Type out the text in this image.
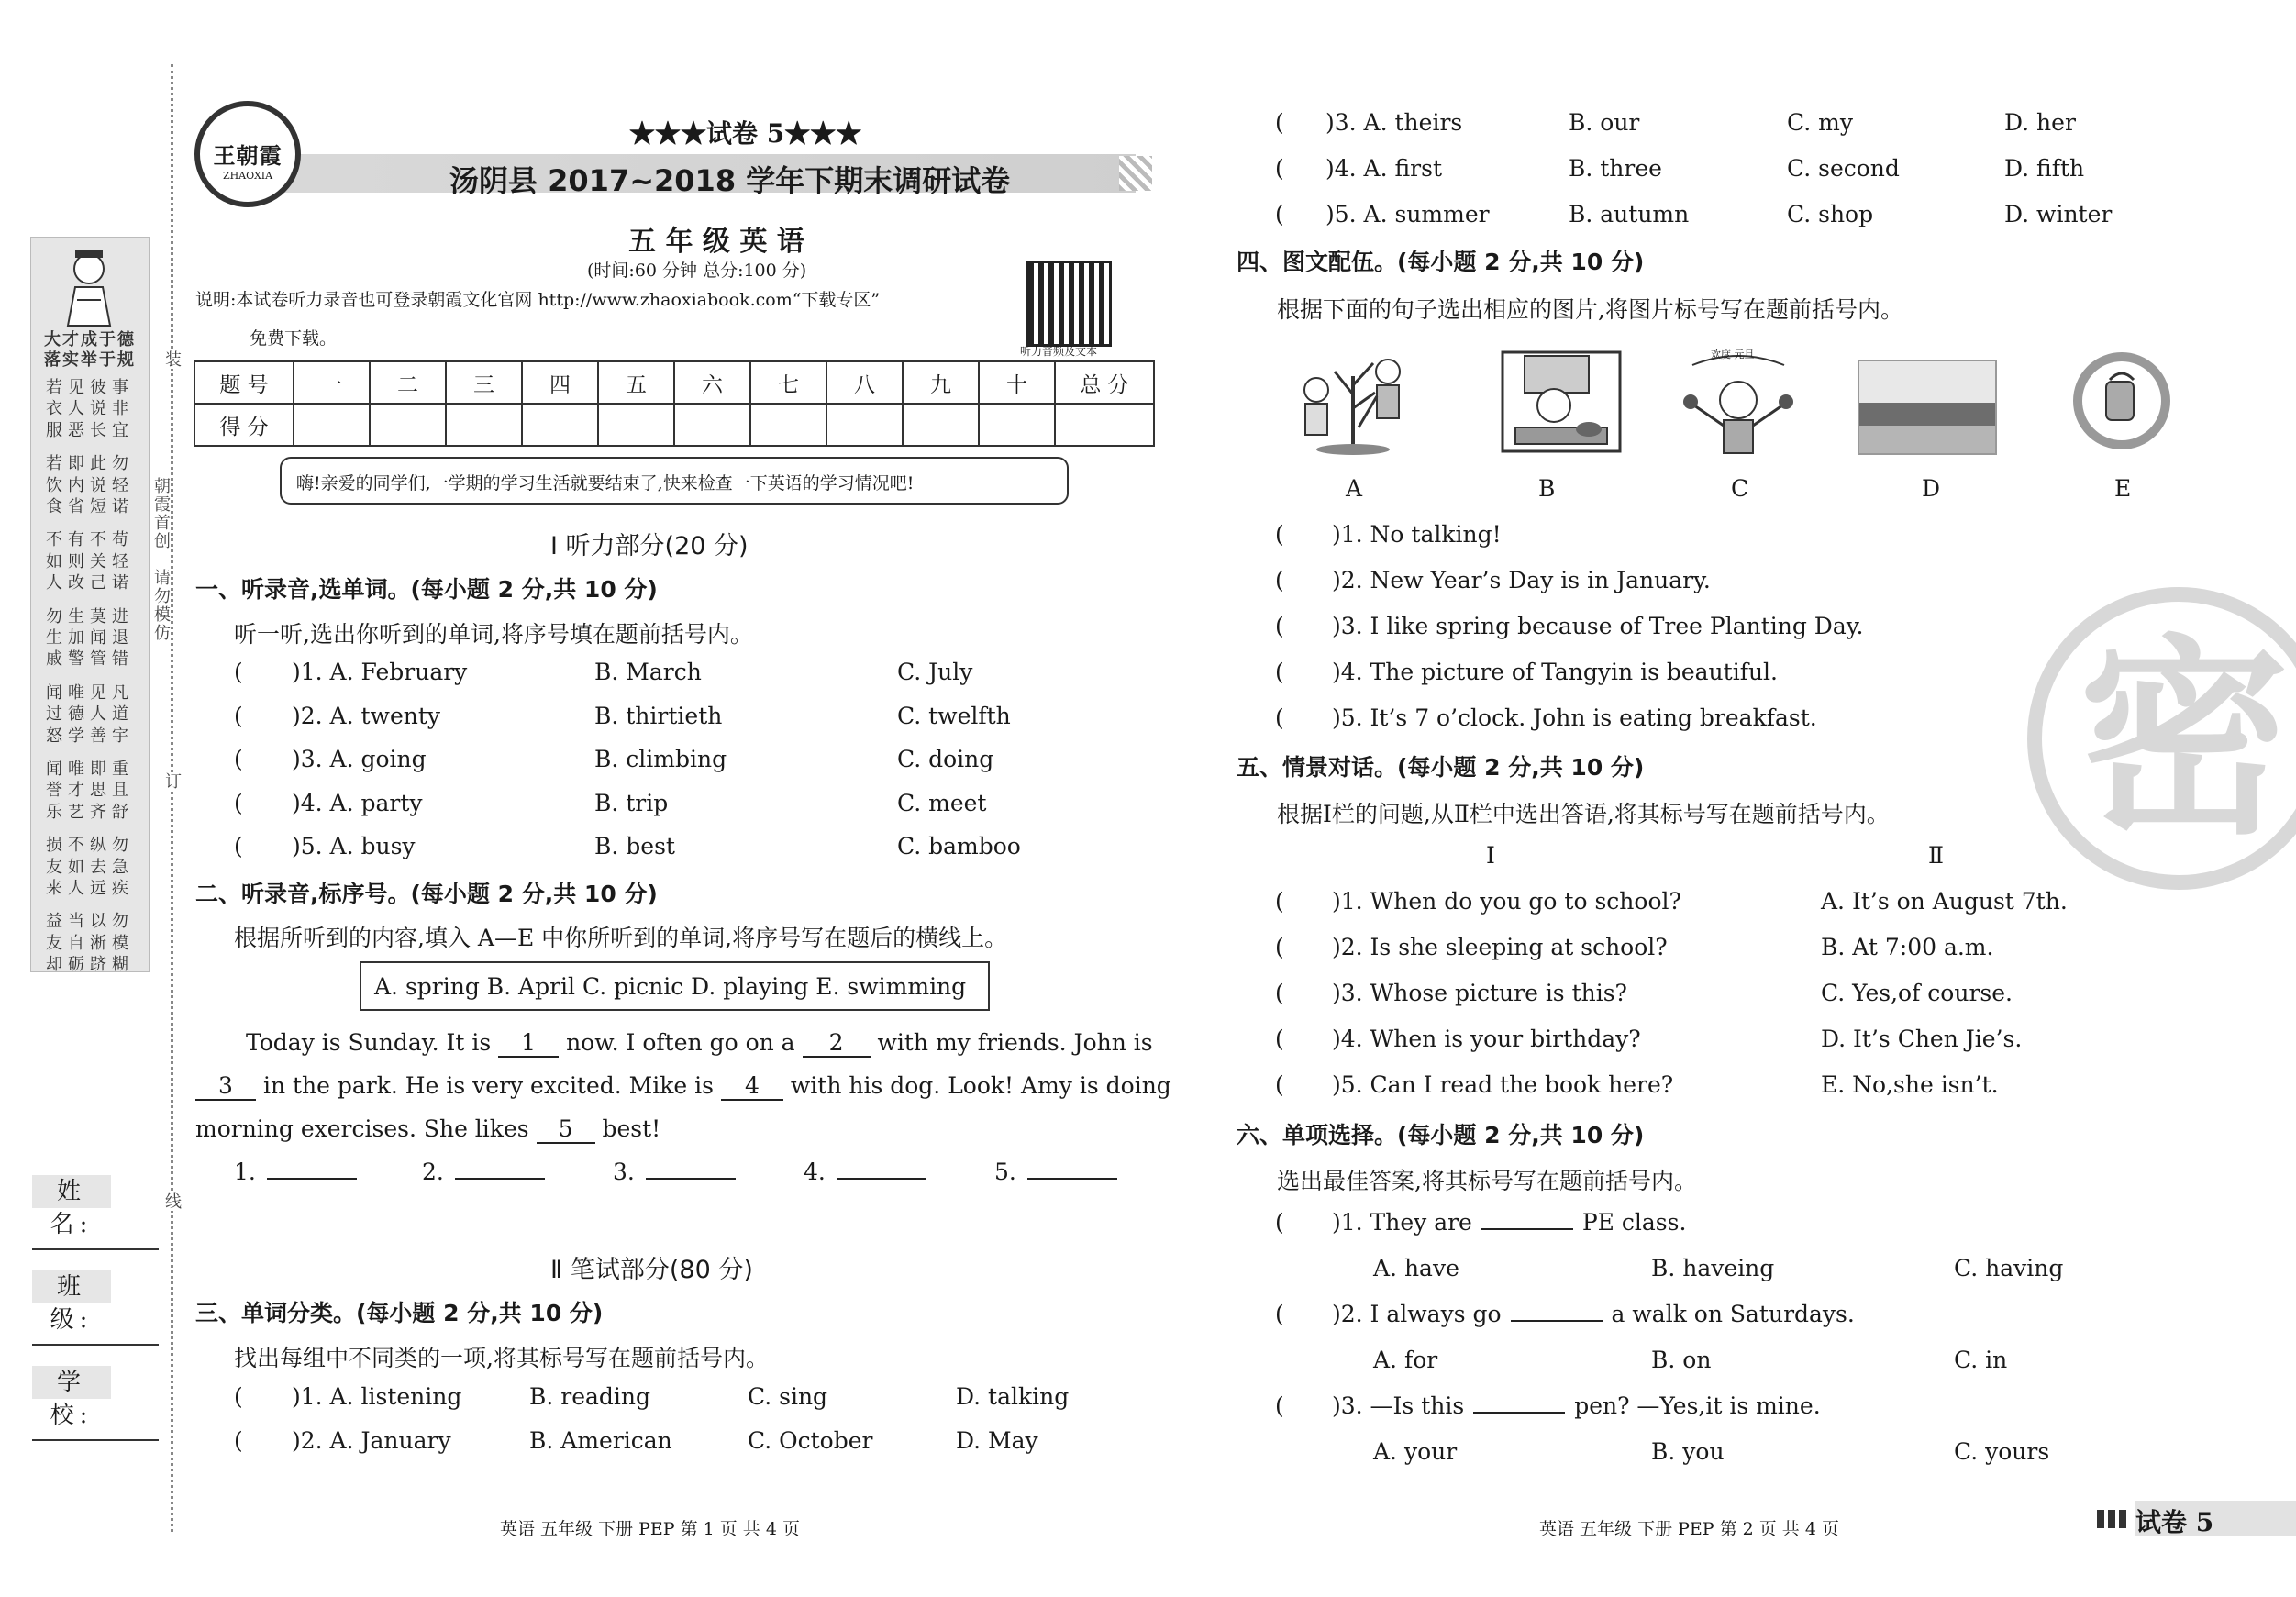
大才成于德
落实举于规
若见彼事
衣人说非
服恶长宜
若即此勿
饮内说轻
食省短诺
不有不苟
如则关轻
人改己诺
勿生莫进
生加闻退
戚警管错
闻唯见凡
过德人道
怒学善宇
闻唯即重
誉才思且
乐艺齐舒
损不纵勿
友如去急
来人远疾
益当以勿
友自淅模
却砺跻糊
装
订
线
朝霞首创
请勿模仿
姓 名:
班 级:
学 校:
王朝霞
ZHAOXIA
★★★试卷 5★★★
汤阴县 2017~2018 学年下期末调研试卷
五 年 级 英 语
(时间:60 分钟 总分:100 分)
说明:本试卷听力录音也可登录朝霞文化官网 http://www.zhaoxiabook.com“下载专区”
免费下载。
听力音频及文本
题 号	一	二	三	四	五	六	七	八	九	十	总 分
得 分											
嗨!亲爱的同学们,一学期的学习生活就要结束了,快来检查一下英语的学习情况吧!
Ⅰ 听力部分(20 分)
一、听录音,选单词。(每小题 2 分,共 10 分)
听一听,选出你听到的单词,将序号填在题前括号内。
( )1. A. February	B. March	C. July
( )2. A. twenty	B. thirtieth	C. twelfth
( )3. A. going	B. climbing	C. doing
( )4. A. party	B. trip	C. meet
( )5. A. busy	B. best	C. bamboo
二、听录音,标序号。(每小题 2 分,共 10 分)
根据所听到的内容,填入 A—E 中你所听到的单词,将序号写在题后的横线上。
A. spring B. April C. picnic D. playing E. swimming
Today is Sunday. It is 1 now. I often go on a 2 with my friends. John is
3 in the park. He is very excited. Mike is 4 with his dog. Look! Amy is doing
morning exercises. She likes 5 best!
1.	2.	3.	4.	5.
Ⅱ 笔试部分(80 分)
三、单词分类。(每小题 2 分,共 10 分)
找出每组中不同类的一项,将其标号写在题前括号内。
( )1. A. listening	B. reading	C. sing	D. talking
( )2. A. January	B. American	C. October	D. May
( )3. A. theirs	B. our	C. my	D. her
( )4. A. first	B. three	C. second	D. fifth
( )5. A. summer	B. autumn	C. shop	D. winter
四、图文配伍。(每小题 2 分,共 10 分)
根据下面的句子选出相应的图片,将图片标号写在题前括号内。
欢度 元旦
A	B	C	D	E
( )1. No talking!
( )2. New Year’s Day is in January.
( )3. I like spring because of Tree Planting Day.
( )4. The picture of Tangyin is beautiful.
( )5. It’s 7 o’clock. John is eating breakfast.
五、情景对话。(每小题 2 分,共 10 分)
根据Ⅰ栏的问题,从Ⅱ栏中选出答语,将其标号写在题前括号内。
Ⅰ	Ⅱ
( )1. When do you go to school?	A. It’s on August 7th.
( )2. Is she sleeping at school?	B. At 7:00 a.m.
( )3. Whose picture is this?	C. Yes,of course.
( )4. When is your birthday?	D. It’s Chen Jie’s.
( )5. Can I read the book here?	E. No,she isn’t.
六、单项选择。(每小题 2 分,共 10 分)
选出最佳答案,将其标号写在题前括号内。
( )1. They are	PE class.
A. have	B. haveing	C. having
( )2. I always go	a walk on Saturdays.
A. for	B. on	C. in
( )3. —Is this	pen? —Yes,it is mine.
A. your	B. you	C. yours
密
英语 五年级 下册 PEP 第 1 页 共 4 页	英语 五年级 下册 PEP 第 2 页 共 4 页	试卷 5
